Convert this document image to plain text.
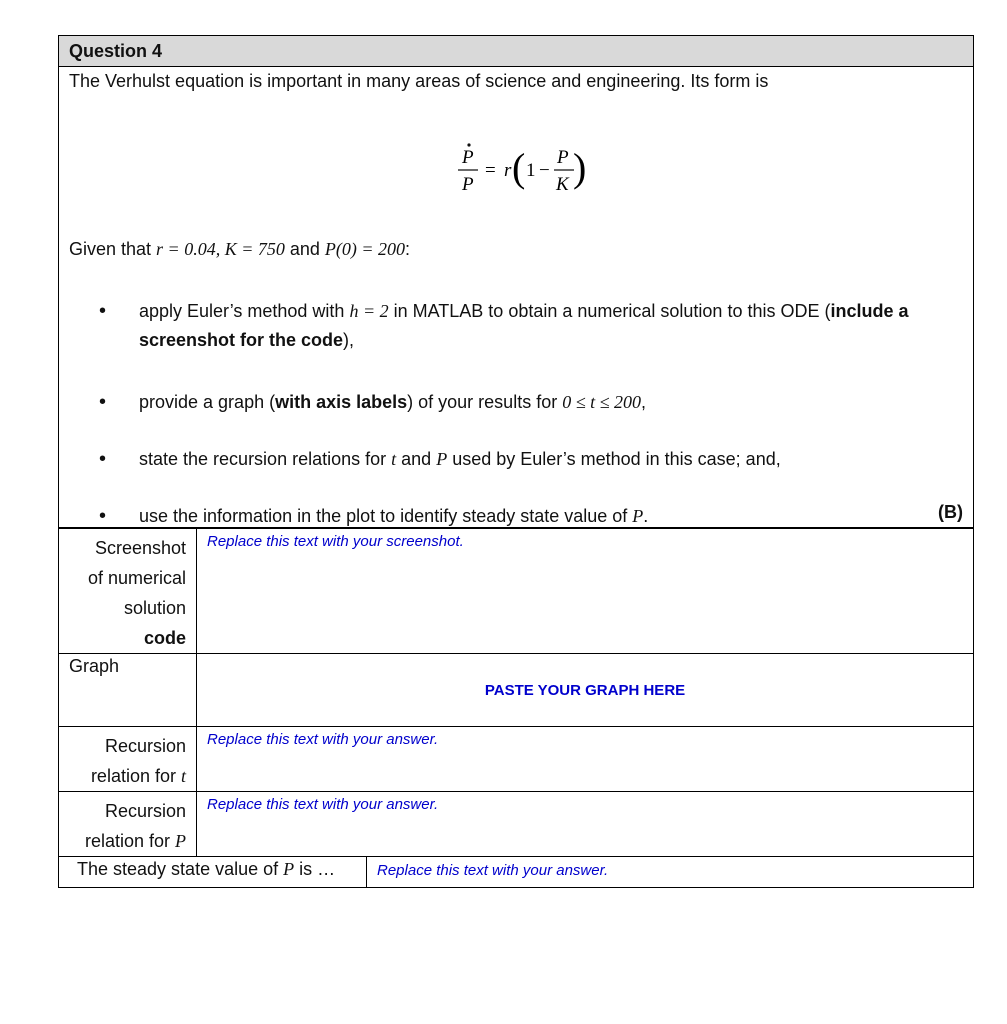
Question 4
The Verhulst equation is important in many areas of science and engineering. Its form is
P
P
= r ( 1 −
P
K )
Given that r = 0.04, K = 750 and P(0) = 200:
• apply Euler’s method with h = 2 in MATLAB to obtain a numerical solution to this ODE (include a screenshot for the code),
• provide a graph (with axis labels) of your results for 0 ≤ t ≤ 200,
• state the recursion relations for t and P used by Euler’s method in this case; and,
• use the information in the plot to identify steady state value of P.	(B)
Screenshot
of numerical
solution
code	Replace this text with your screenshot.
Graph	PASTE YOUR GRAPH HERE

Recursion
relation for t	Replace this text with your answer.

Recursion
relation for P	Replace this text with your answer.
The steady state value of P is …	Replace this text with your answer.
